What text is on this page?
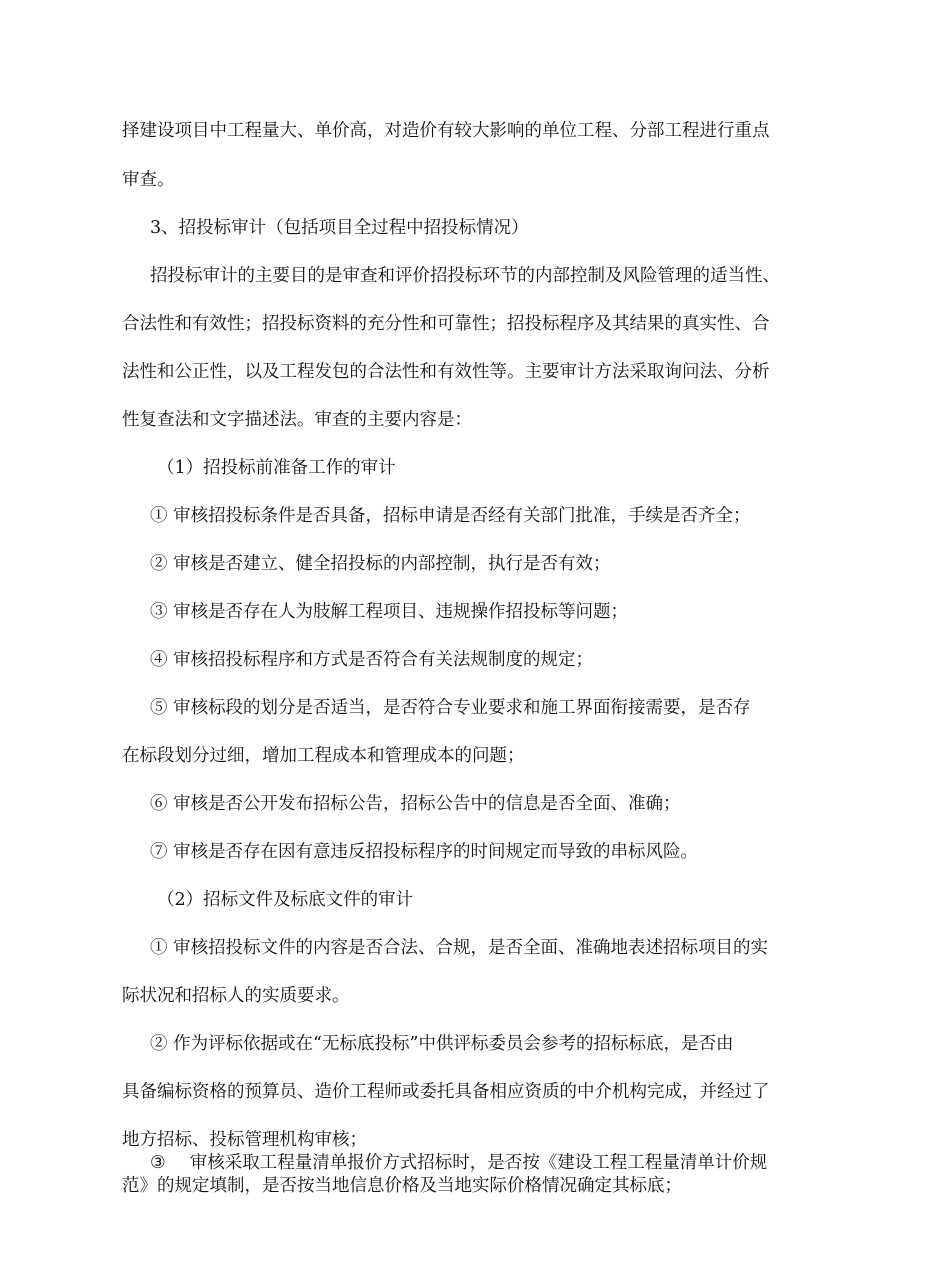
择建设项目中工程量大、单价高，对造价有较大影响的单位工程、分部工程进行重点
审查。
3、招投标审计（包括项目全过程中招投标情况）
招投标审计的主要目的是审查和评价招投标环节的内部控制及风险管理的适当性、
合法性和有效性；招投标资料的充分性和可靠性；招投标程序及其结果的真实性、合
法性和公正性，以及工程发包的合法性和有效性等。主要审计方法采取询问法、分析
性复查法和文字描述法。审查的主要内容是：
（1）招投标前准备工作的审计
① 审核招投标条件是否具备，招标申请是否经有关部门批准，手续是否齐全；
② 审核是否建立、健全招投标的内部控制，执行是否有效；
③ 审核是否存在人为肢解工程项目、违规操作招投标等问题；
④ 审核招投标程序和方式是否符合有关法规制度的规定；
⑤ 审核标段的划分是否适当，是否符合专业要求和施工界面衔接需要，是否存
在标段划分过细，增加工程成本和管理成本的问题；
⑥ 审核是否公开发布招标公告，招标公告中的信息是否全面、准确；
⑦ 审核是否存在因有意违反招投标程序的时间规定而导致的串标风险。
（2）招标文件及标底文件的审计
① 审核招投标文件的内容是否合法、合规，是否全面、准确地表述招标项目的实
际状况和招标人的实质要求。
② 作为评标依据或在“无标底投标”中供评标委员会参考的招标标底，是否由
具备编标资格的预算员、造价工程师或委托具备相应资质的中介机构完成，并经过了
地方招标、投标管理机构审核；
③ 审核采取工程量清单报价方式招标时，是否按《建设工程工程量清单计价规
范》的规定填制，是否按当地信息价格及当地实际价格情况确定其标底；
